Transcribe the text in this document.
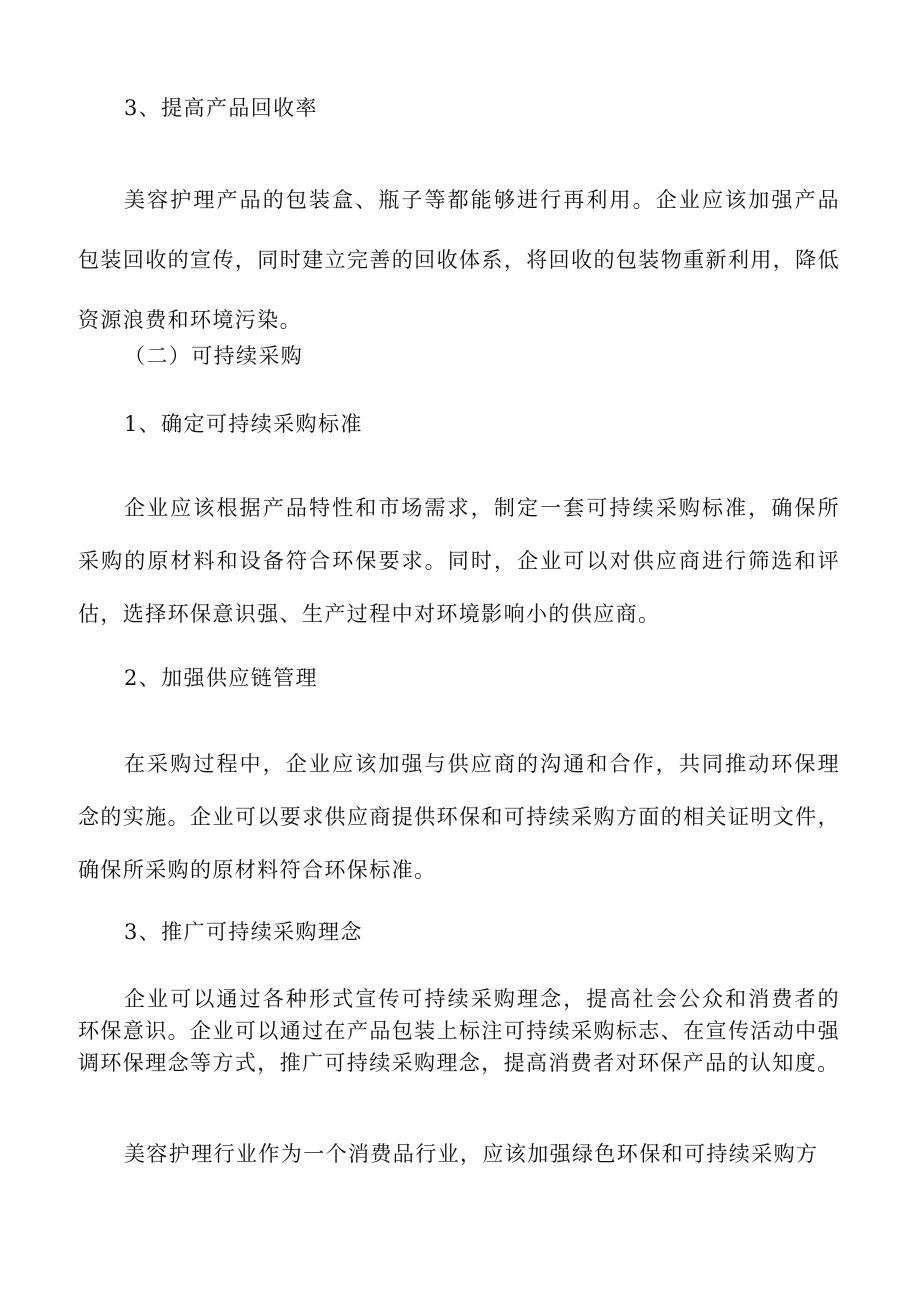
3、提高产品回收率

美容护理产品的包装盒、瓶子等都能够进行再利用。企业应该加强产品包装回收的宣传，同时建立完善的回收体系，将回收的包装物重新利用，降低资源浪费和环境污染。

（二）可持续采购

1、确定可持续采购标准

企业应该根据产品特性和市场需求，制定一套可持续采购标准，确保所采购的原材料和设备符合环保要求。同时，企业可以对供应商进行筛选和评估，选择环保意识强、生产过程中对环境影响小的供应商。

2、加强供应链管理

在采购过程中，企业应该加强与供应商的沟通和合作，共同推动环保理念的实施。企业可以要求供应商提供环保和可持续采购方面的相关证明文件，确保所采购的原材料符合环保标准。

3、推广可持续采购理念

企业可以通过各种形式宣传可持续采购理念，提高社会公众和消费者的环保意识。企业可以通过在产品包装上标注可持续采购标志、在宣传活动中强调环保理念等方式，推广可持续采购理念，提高消费者对环保产品的认知度。

美容护理行业作为一个消费品行业，应该加强绿色环保和可持续采购方
